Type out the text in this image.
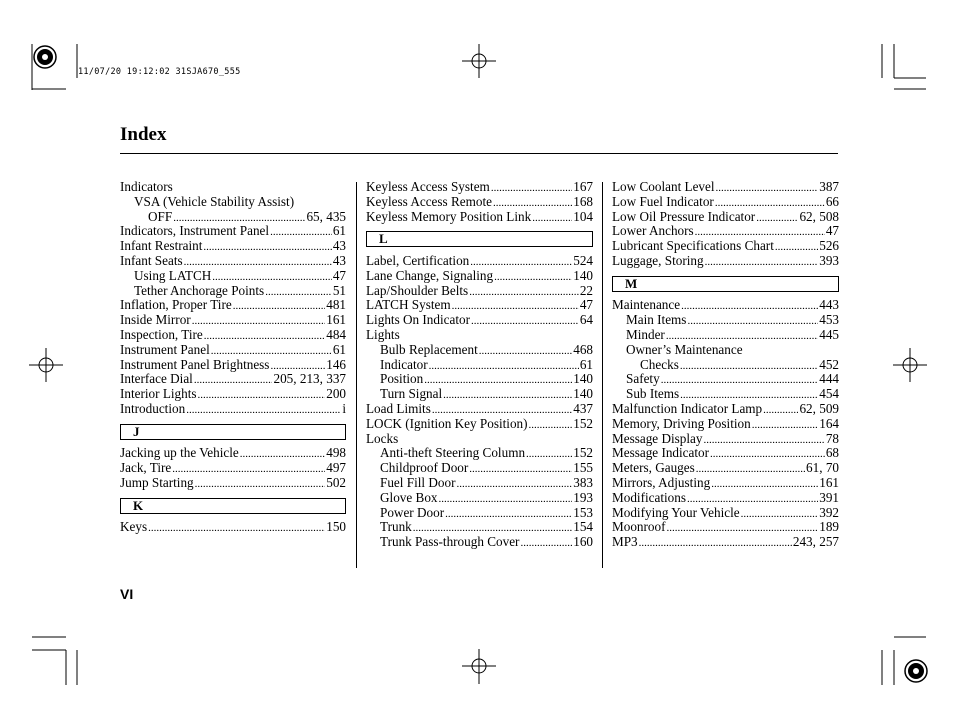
11/07/20 19:12:02 31SJA670_555
Index
Indicators
VSA (Vehicle Stability Assist)
OFF .....	65, 435
Indicators, Instrument Panel .....	61
Infant Restraint .....	43
Infant Seats .....	43
Using LATCH .....	47
Tether Anchorage Points .....	51
Inflation, Proper Tire .....	481
Inside Mirror .....	161
Inspection, Tire .....	484
Instrument Panel .....	61
Instrument Panel Brightness .....	146
Interface Dial .....	205, 213, 337
Interior Lights .....	200
Introduction .....	i
J
Jacking up the Vehicle .....	498
Jack, Tire .....	497
Jump Starting .....	502
K
Keys .....	150
Keyless Access System .....	167
Keyless Access Remote .....	168
Keyless Memory Position Link .....	104
L
Label, Certification .....	524
Lane Change, Signaling .....	140
Lap/Shoulder Belts .....	22
LATCH System .....	47
Lights On Indicator .....	64
Lights
Bulb Replacement .....	468
Indicator .....	61
Position .....	140
Turn Signal .....	140
Load Limits .....	437
LOCK (Ignition Key Position) .....	152
Locks
Anti-theft Steering Column .....	152
Childproof Door .....	155
Fuel Fill Door .....	383
Glove Box .....	193
Power Door .....	153
Trunk .....	154
Trunk Pass-through Cover .....	160
Low Coolant Level .....	387
Low Fuel Indicator .....	66
Low Oil Pressure Indicator .....	62, 508
Lower Anchors .....	47
Lubricant Specifications Chart .....	526
Luggage, Storing .....	393
M
Maintenance .....	443
Main Items .....	453
Minder .....	445
Owner’s Maintenance
Checks .....	452
Safety .....	444
Sub Items .....	454
Malfunction Indicator Lamp .....	62, 509
Memory, Driving Position .....	164
Message Display .....	78
Message Indicator .....	68
Meters, Gauges .....	61, 70
Mirrors, Adjusting .....	161
Modifications .....	391
Modifying Your Vehicle .....	392
Moonroof .....	189
MP3 .....	243, 257
VI
